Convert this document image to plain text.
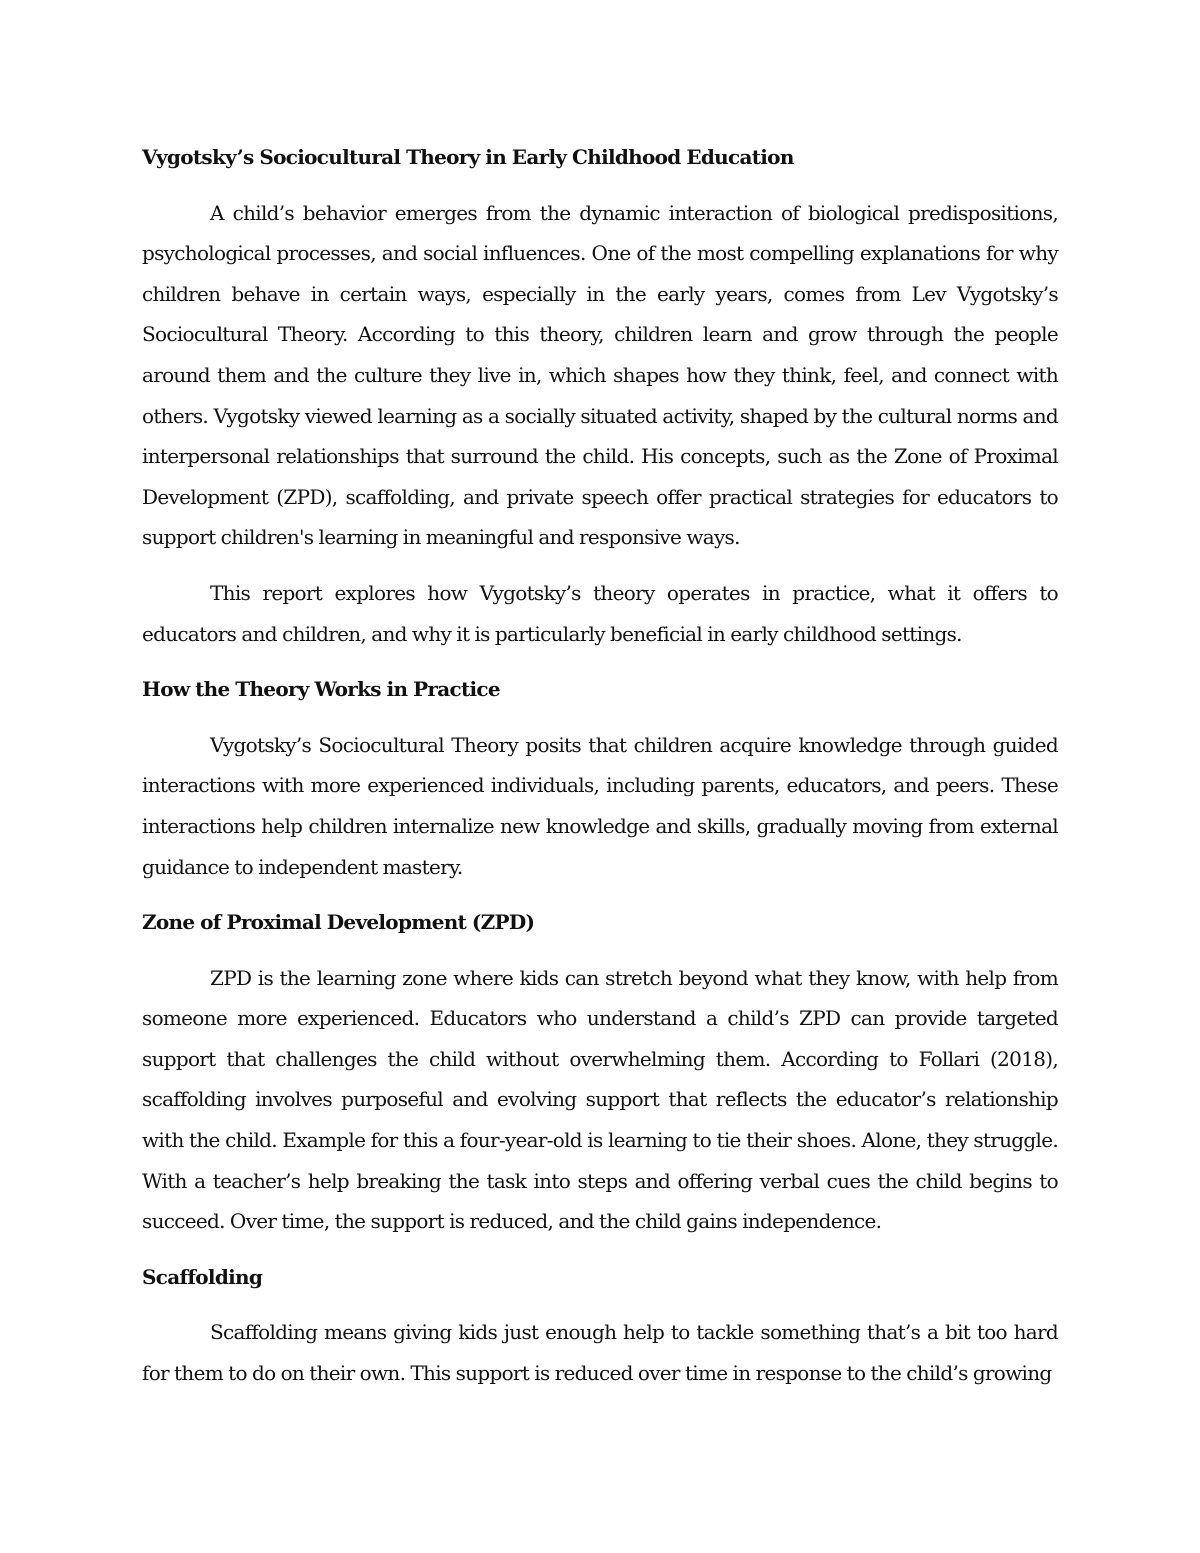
Vygotsky’s Sociocultural Theory in Early Childhood Education

A child’s behavior emerges from the dynamic interaction of biological predispositions, psychological processes, and social influences. One of the most compelling explanations for why children behave in certain ways, especially in the early years, comes from Lev Vygotsky’s Sociocultural Theory. According to this theory, children learn and grow through the people around them and the culture they live in, which shapes how they think, feel, and connect with others. Vygotsky viewed learning as a socially situated activity, shaped by the cultural norms and interpersonal relationships that surround the child. His concepts, such as the Zone of Proximal Development (ZPD), scaffolding, and private speech offer practical strategies for educators to support children's learning in meaningful and responsive ways.

This report explores how Vygotsky’s theory operates in practice, what it offers to educators and children, and why it is particularly beneficial in early childhood settings.

How the Theory Works in Practice

Vygotsky’s Sociocultural Theory posits that children acquire knowledge through guided interactions with more experienced individuals, including parents, educators, and peers. These interactions help children internalize new knowledge and skills, gradually moving from external guidance to independent mastery.

Zone of Proximal Development (ZPD)

ZPD is the learning zone where kids can stretch beyond what they know, with help from someone more experienced. Educators who understand a child’s ZPD can provide targeted support that challenges the child without overwhelming them. According to Follari (2018), scaffolding involves purposeful and evolving support that reflects the educator’s relationship with the child. Example for this a four-year-old is learning to tie their shoes. Alone, they struggle. With a teacher’s help breaking the task into steps and offering verbal cues the child begins to succeed. Over time, the support is reduced, and the child gains independence.

Scaffolding

Scaffolding means giving kids just enough help to tackle something that’s a bit too hard for them to do on their own. This support is reduced over time in response to the child’s growing
